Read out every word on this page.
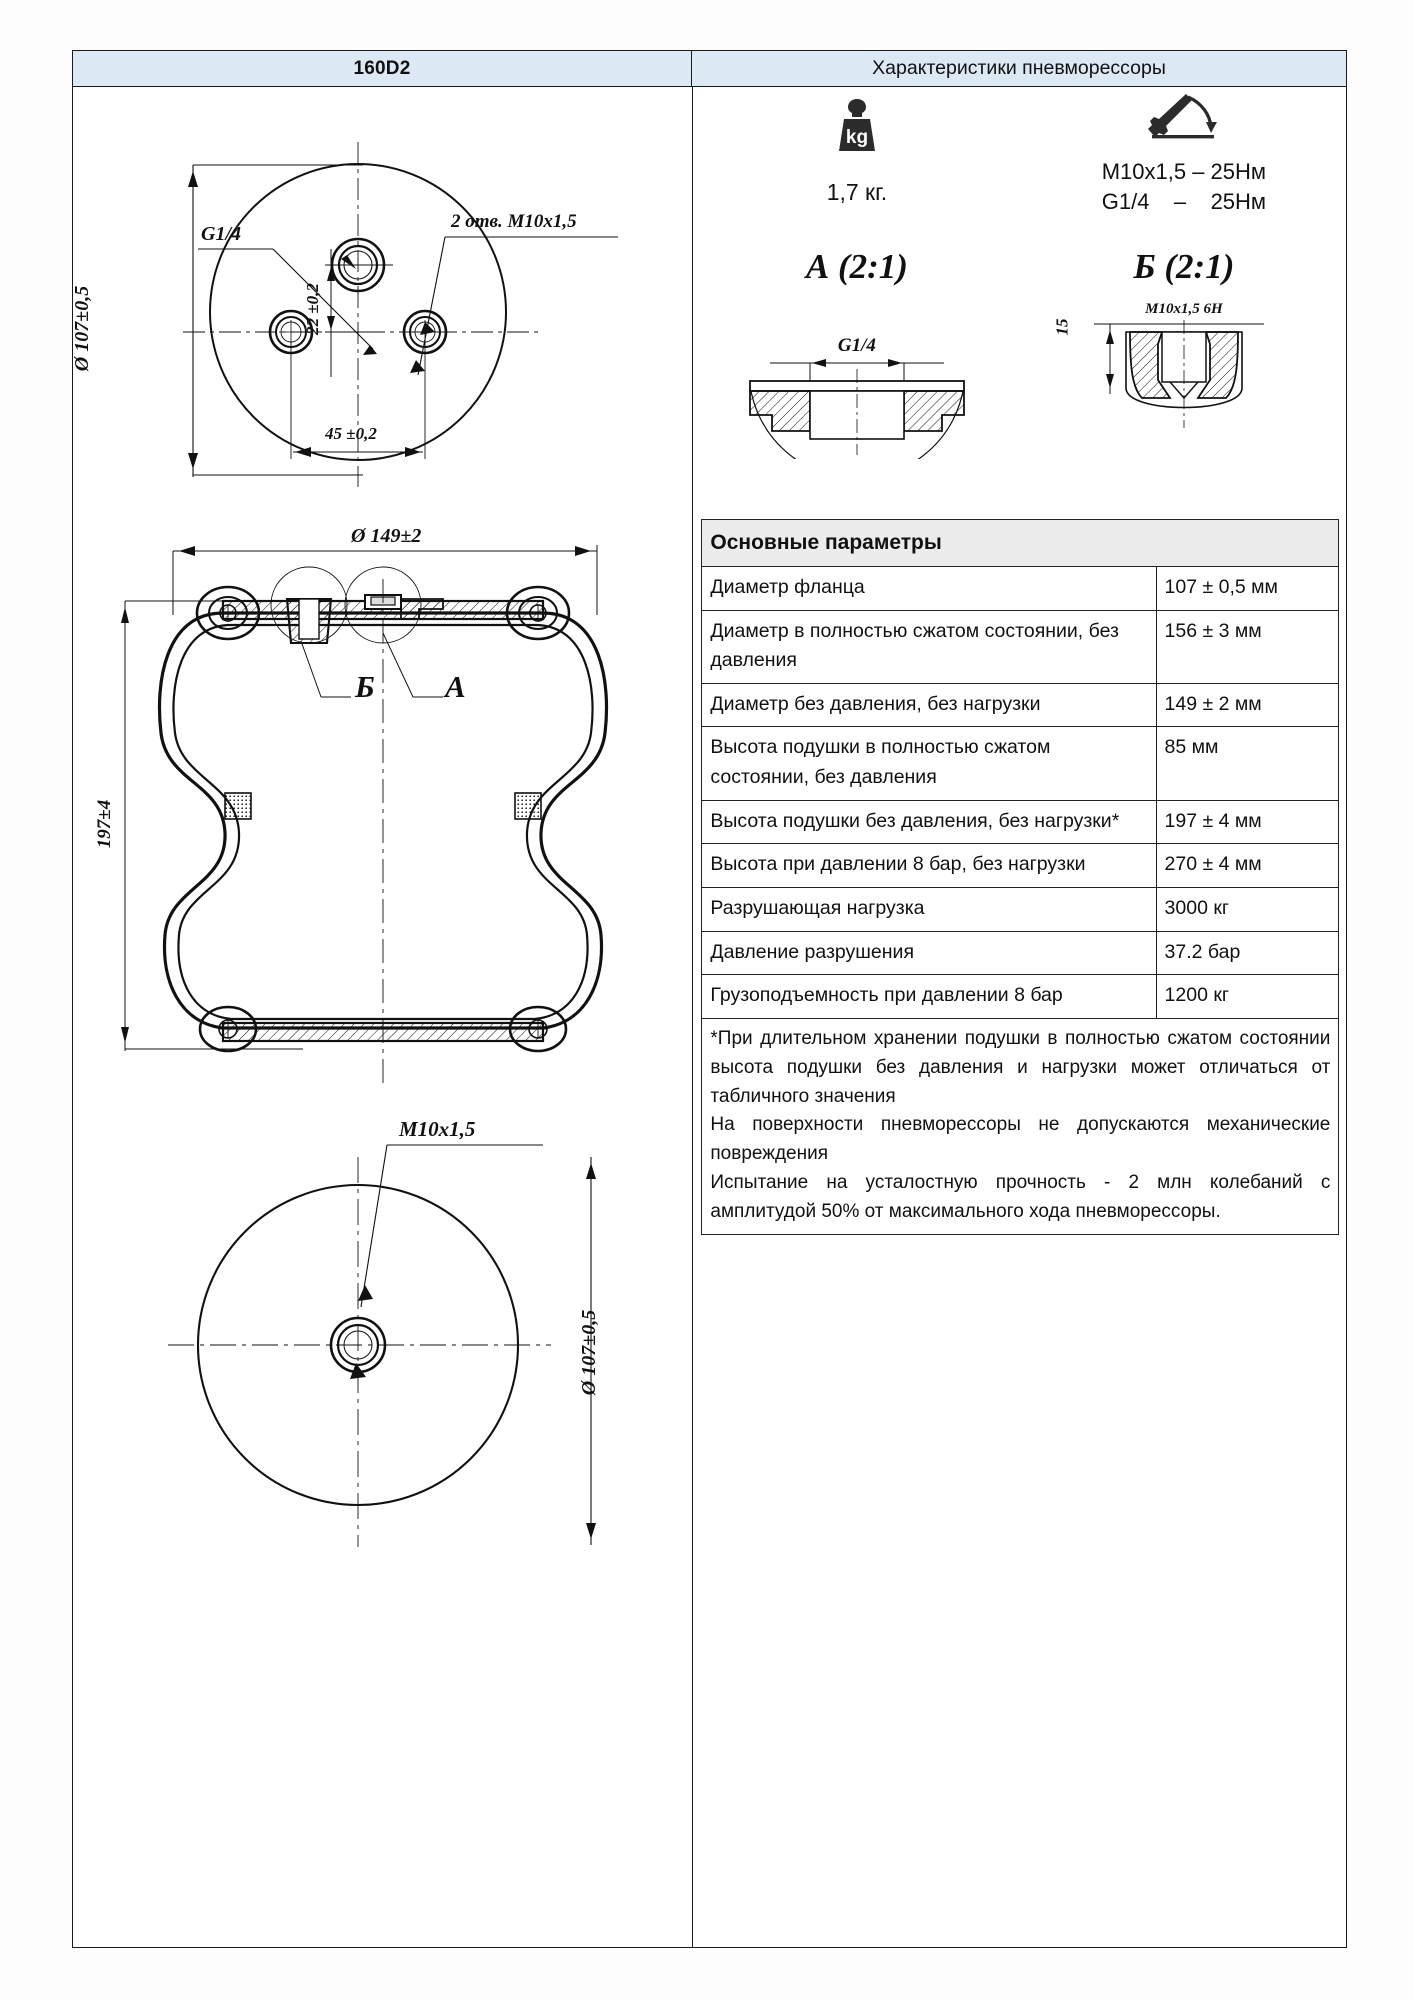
160D2	Характеристики пневморессоры
G1/4
2 отв. M10x1,5
Ø 107±0,5	22 ±0,2
45 ±0,2
Ø 149±2
197±4
Б А
M10x1,5
Ø 107±0,5
kg
1,7 кг.
M10x1,5 – 25Нм
G1/4    –    25Нм
А (2:1)
G1/4
Б (2:1)
M10x1,5 6H
15
Основные параметры	
Диаметр фланца	107 ± 0,5 мм
Диаметр в полностью сжатом состоянии, без давления	156 ± 3 мм
Диаметр без давления, без нагрузки	149 ± 2 мм
Высота подушки в полностью сжатом состоянии, без давления	85 мм
Высота подушки без давления, без нагрузки*	197 ± 4 мм
Высота при давлении 8 бар, без нагрузки	270 ± 4 мм
Разрушающая нагрузка	3000 кг
Давление разрушения	37.2 бар
Грузоподъемность при давлении 8 бар	1200 кг

*При длительном хранении подушки в полностью сжатом состоянии высота подушки без давления и нагрузки может отличаться от табличного значения

На поверхности пневморессоры не допускаются механические повреждения

Испытание на усталостную прочность - 2 млн колебаний с амплитудой 50% от максимального хода пневморессоры.	
